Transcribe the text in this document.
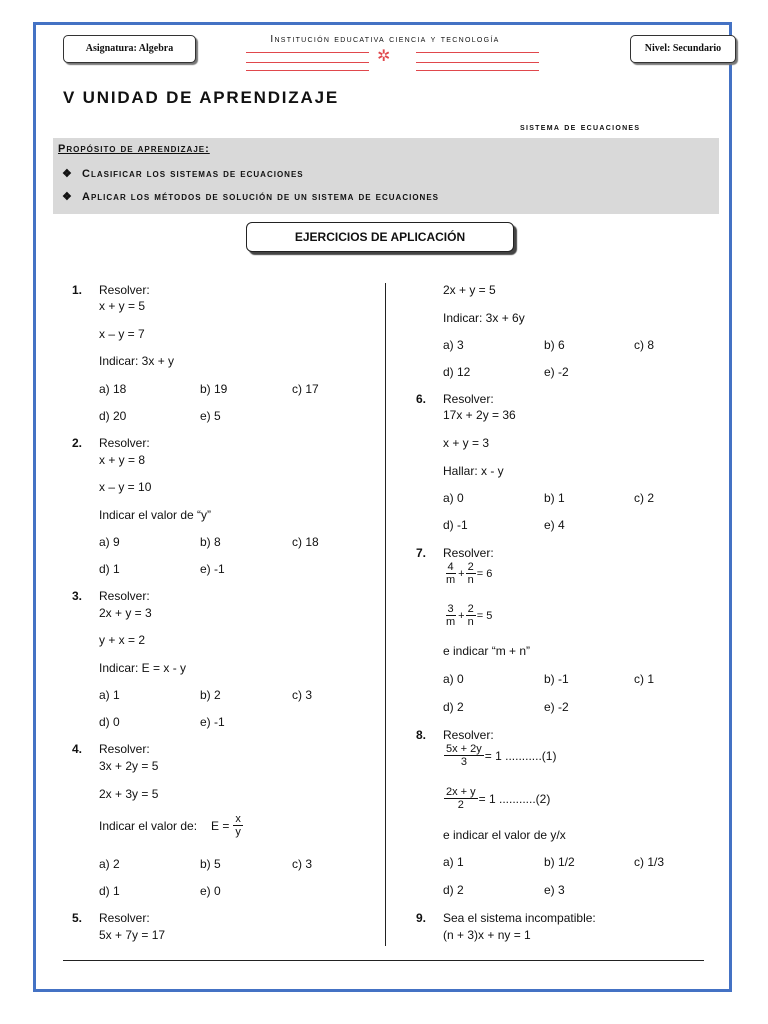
Asignatura: Algebra
Institución educativa ciencia y tecnología
✲	Nivel: Secundario
V UNIDAD DE APRENDIZAJE
sistema de ecuaciones
Propósito de aprendizaje:
❖ Clasificar los sistemas de ecuaciones
❖ Aplicar los métodos de solución de un sistema de ecuaciones
EJERCICIOS DE APLICACIÓN
1. Resolver:
x + y = 5
x – y = 7
Indicar: 3x + y
a) 18	b) 19	c) 17
d) 20	e) 5
2. Resolver:
x + y = 8
x – y = 10
Indicar el valor de “y”
a) 9	b) 8	c) 18
d) 1	e) -1
3. Resolver:
2x + y = 3
y + x = 2
Indicar: E = x - y
a) 1	b) 2	c) 3
d) 0	e) -1
4. Resolver:
3x + 2y = 5
2x + 3y = 5
Indicar el valor de: $E = \frac{x}{y}$
a) 2	b) 5	c) 3
d) 1	e) 0
5. Resolver:
5x + 7y = 17
2x + y = 5
Indicar: 3x + 6y
a) 3	b) 6	c) 8
d) 12	e) -2
6. Resolver:
17x + 2y = 36
x + y = 3
Hallar: x - y
a) 0	b) 1	c) 2
d) -1	e) 4
7. Resolver:
$\frac{4}{m} + \frac{2}{n} = 6$
$\frac{3}{m} + \frac{2}{n} = 5$
e indicar “m + n”
a) 0	b) -1	c) 1
d) 2	e) -2
8. Resolver:
$\frac{5x + 2y}{3} = 1$ ...........(1)
$\frac{2x + y}{2} = 1$ ...........(2)
e indicar el valor de y/x
a) 1	b) 1/2	c) 1/3
d) 2	e) 3
9. Sea el sistema incompatible:
(n + 3)x + ny = 1
